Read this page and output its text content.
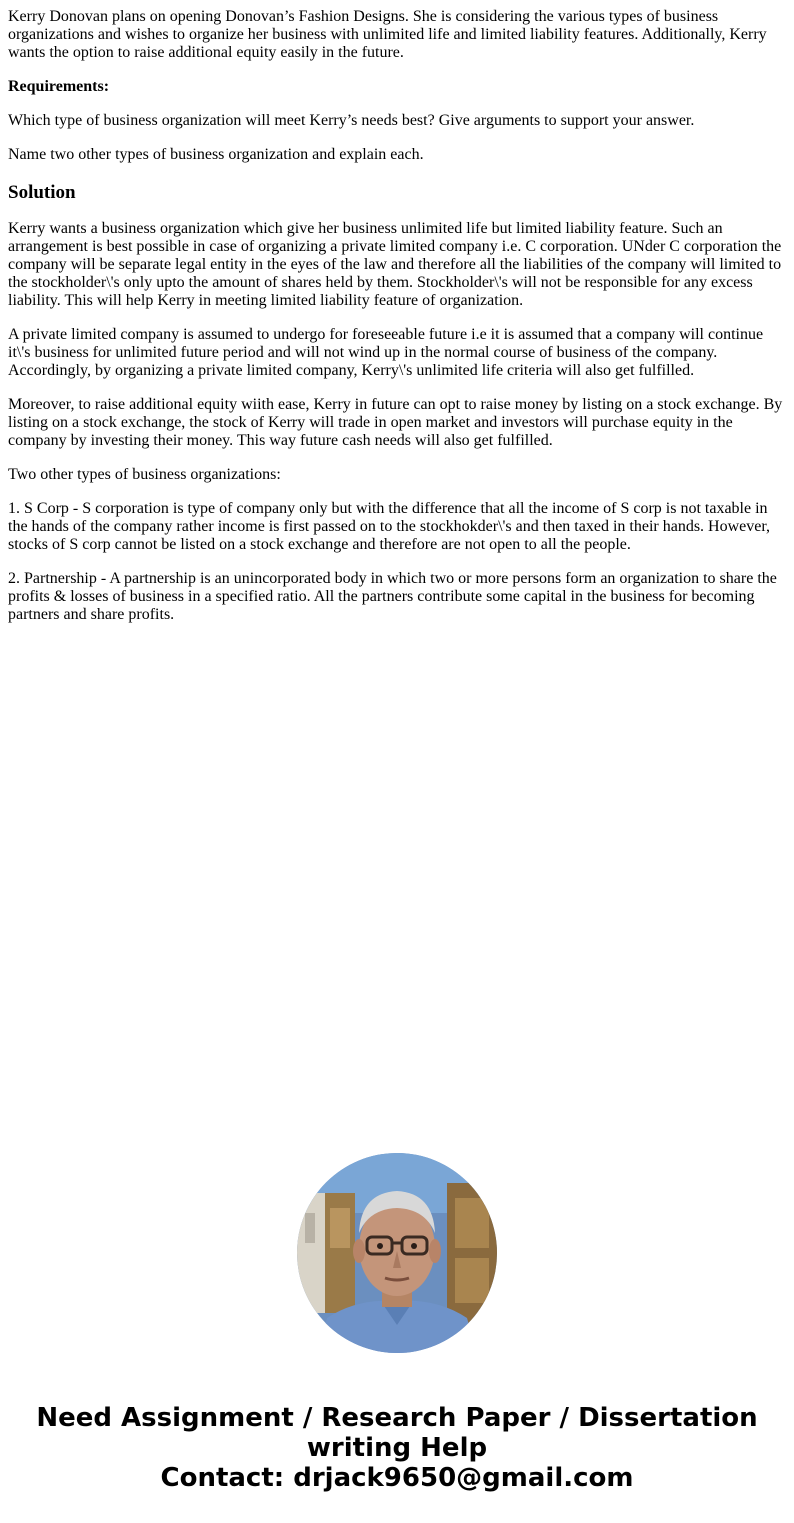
Kerry Donovan plans on opening Donovan’s Fashion Designs. She is considering the various types of business organizations and wishes to organize her business with unlimited life and limited liability features. Additionally, Kerry wants the option to raise additional equity easily in the future.

Requirements:

Which type of business organization will meet Kerry’s needs best? Give arguments to support your answer.

Name two other types of business organization and explain each.

Solution

Kerry wants a business organization which give her business unlimited life but limited liability feature. Such an arrangement is best possible in case of organizing a private limited company i.e. C corporation. UNder C corporation the company will be separate legal entity in the eyes of the law and therefore all the liabilities of the company will limited to the stockholder\'s only upto the amount of shares held by them. Stockholder\'s will not be responsible for any excess liability. This will help Kerry in meeting limited liability feature of organization.

A private limited company is assumed to undergo for foreseeable future i.e it is assumed that a company will continue it\'s business for unlimited future period and will not wind up in the normal course of business of the company. Accordingly, by organizing a private limited company, Kerry\'s unlimited life criteria will also get fulfilled.

Moreover, to raise additional equity wiith ease, Kerry in future can opt to raise money by listing on a stock exchange. By listing on a stock exchange, the stock of Kerry will trade in open market and investors will purchase equity in the company by investing their money. This way future cash needs will also get fulfilled.

Two other types of business organizations:

1. S Corp - S corporation is type of company only but with the difference that all the income of S corp is not taxable in the hands of the company rather income is first passed on to the stockhokder\'s and then taxed in their hands. However, stocks of S corp cannot be listed on a stock exchange and therefore are not open to all the people.

2. Partnership - A partnership is an unincorporated body in which two or more persons form an organization to share the profits & losses of business in a specified ratio. All the partners contribute some capital in the business for becoming partners and share profits.

Need Assignment / Research Paper / Dissertation
writing Help
Contact: drjack9650@gmail.com
